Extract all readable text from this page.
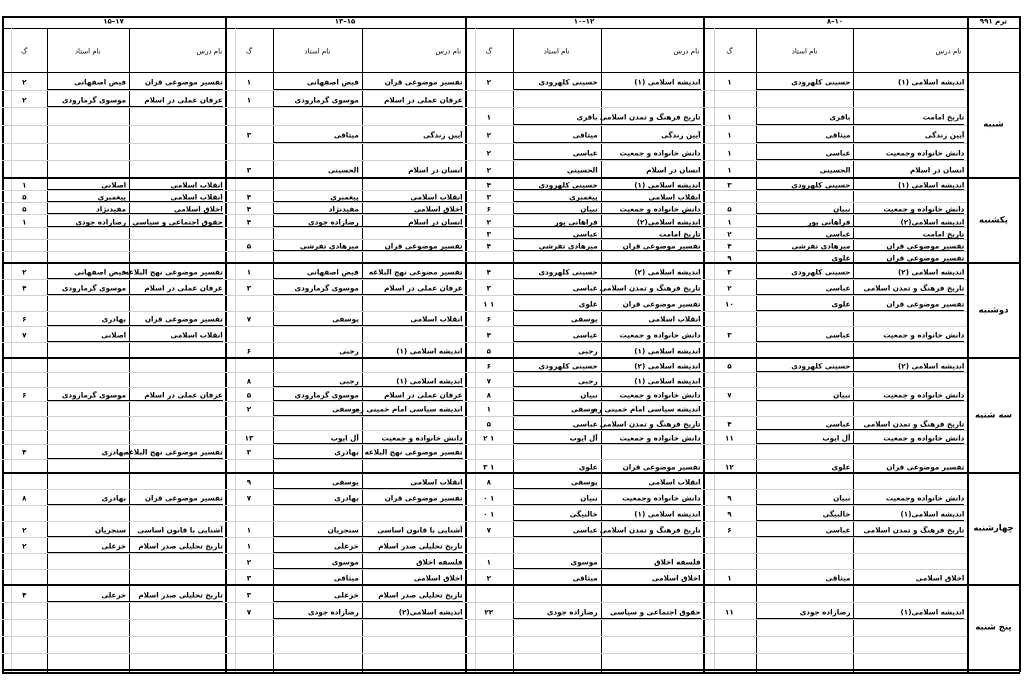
ترم ۹۹۱
۸–۱۰
نام درس
نام استاد
گ
۱۰–۱۲
نام درس
نام استاد
گ
۱۳–۱۵
نام درس
نام استاد
گ
۱۵–۱۷
نام درس
نام استاد
گ
شنبه
اندیشه اسلامی (۱)
حسینی کلهرودی
۱
اندیشه اسلامی (۱)
حسینی کلهرودی
۲
تفسیر موضوعی قران
فیض اصفهانی
۱
تفسیر موضوعی قران
فیض اصفهانی
۲
عرفان عملی در اسلام
موسوی گرمارودی
۱
عرفان عملی در اسلام
موسوی گرمارودی
۲
تاریخ امامت
باقری
۱
تاریخ فرهنگ و تمدن اسلامی
باقری
۱
آیین زندگی
میثاقی
۱
آیین زندگی
میثاقی
۲
آیین زندگی
میثاقی
۳
دانش خانواده وجمعیت
عباسی
۱
دانش خانواده و جمعیت
عباسی
۲
انسان در اسلام
الحسینی
۱
انسان در اسلام
الحسینی
۲
انسان در اسلام
الحسینی
۳
یکشنبه
اندیشه اسلامی (۱)
حسینی کلهرودی
۳
اندیشه اسلامی (۱)
حسینی کلهرودی
۴
انقلاب اسلامی
اصلانی
۱
انقلاب اسلامی
پیغمبری
۳
انقلاب اسلامی
پیغمبری
۴
انقلاب اسلامی
پیغمبری
۵
دانش خانواده و جمعیت
نبیان
۵
دانش خانواده و جمعیت
نبیان
۶
اخلاق اسلامی
مفیدنژاد
۴
اخلاق اسلامی
مفیدنژاد
۵
اندیشه اسلامی(۲)
فراهانی پور
۱
اندیشه اسلامی(۲)
فراهانی پور
۲
انسان در اسلام
رضازاده جودی
۴
حقوق اجتماعی و سیاسی
رضازاده جودی
۱
تاریخ امامت
عباسی
۲
تاریخ امامت
عباسی
۳
تفسیر موضوعی قران
میرهادی تفرشی
۴
تفسیر موضوعی قران
میرهادی تفرشی
۴
تفسیر موضوعی قران
میرهادی تفرشی
۵
تفسیر موضوعی قران
علوی
۹
دوشنبه
اندیشه اسلامی (۲)
حسینی کلهرودی
۳
اندیشه اسلامی (۲)
حسینی کلهرودی
۴
تفسیر مضوعی نهج البلاغه
فیض اصفهانی
۱
تفسیر موضوعی نهج البلاغه
فیض اصفهانی
۲
تاریخ فرهنگ و تمدن اسلامی
عباسی
۲
تاریخ فرهنگ و تمدن اسلامی
عباسی
۳
عرفان عملی در اسلام
موسوی گرمارودی
۳
عرفان عملی در اسلام
موسوی گرمارودی
۴
تفسیر موضوعی قران
علوی
۱۰
تفسیر موضوعی قران
علوی
۱ ۱
انقلاب اسلامی
یوسفی
۶
انقلاب اسلامی
یوسفی
۷
تفسیر موضوعی قران
بهادری
۶
دانش خانواده و جمعیت
عباسی
۳
دانش خانواده و جمعیت
عباسی
۴
انقلاب اسلامی
اصلانی
۷
اندیشه اسلامی (۱)
رجبی
۵
اندیشه اسلامی (۱)
رجبی
۶
سه شنبه
اندیشه اسلامی (۲)
حسینی کلهرودی
۵
اندیشه اسلامی (۲)
حسینی کلهرودی
۶
اندیشه اسلامی (۱)
رجبی
۷
اندیشه اسلامی (۱)
رجبی
۸
دانش خانواده و جمعیت
نبیان
۷
دانش خانواده و جمعیت
نبیان
۸
عرفان عملی در اسلام
موسوی گرمارودی
۵
عرفان عملی در اسلام
موسوی گرمارودی
۶
اندیشه سیاسی امام خمینی ره
یوسفی
۱
اندیشه سیاسی امام خمینی ره
یوسفی
۲
تاریخ فرهنگ و تمدن اسلامی
عباسی
۴
تاریخ فرهنگ و تمدن اسلامی
عباسی
۵
دانش خانواده و جمعیت
آل ایوب
۱۱
دانش خانواده و جمعیت
آل ایوب
۱ ۲
دانش خانواده و جمعیت
آل ایوب
۱۳
تفسیر موضوعی نهج البلاغه
بهادری
۳
تفسیر موضوعی نهج البلاغه
بهادری
۴
تفسیر موضوعی قران
علوی
۱۲
تفسیر موضوعی قران
علوی
۱ ۳
چهارشنبه
انقلاب اسلامی
یوسفی
۸
انقلاب اسلامی
یوسفی
۹
دانش خانواده وجمعیت
نبیان
۹
دانش خانواده وجمعیت
نبیان
۱ ۰
تفسیر موضوعی قران
بهادری
۷
تفسیر موضوعی قران
بهادری
۸
اندیشه اسلامی(۱)
خالبیگی
۹
اندیشه اسلامی (۱)
خالبیگی
۱ ۰
تاریخ فرهنگ و تمدن اسلامی
عباسی
۶
تاریخ فرهنگ و تمدن اسلامی
عباسی
۷
آشنایی با قانون اساسی
سنجریان
۱
آشنایی با قانون اساسی
سنجریان
۲
تاریخ تحلیلی صدر اسلام
خزعلی
۱
تاریخ تحلیلی صدر اسلام
خزعلی
۲
فلسفه اخلاق
موسوی
۱
فلسفه اخلاق
موسوی
۲
اخلاق اسلامی
میثاقی
۱
اخلاق اسلامی
میثاقی
۲
اخلاق اسلامی
میثاقی
۳
پنج شنبه
تاریخ تحلیلی صدر اسلام
خزعلی
۳
تاریخ تحلیلی صدر اسلام
خزعلی
۴
اندیشه اسلامی(۱)
رضازاده جودی
۱۱
حقوق اجتماعی و سیاسی
رضازاده جودی
۲۲
اندیشه اسلامی(۲)
رضازاده جودی
۷
